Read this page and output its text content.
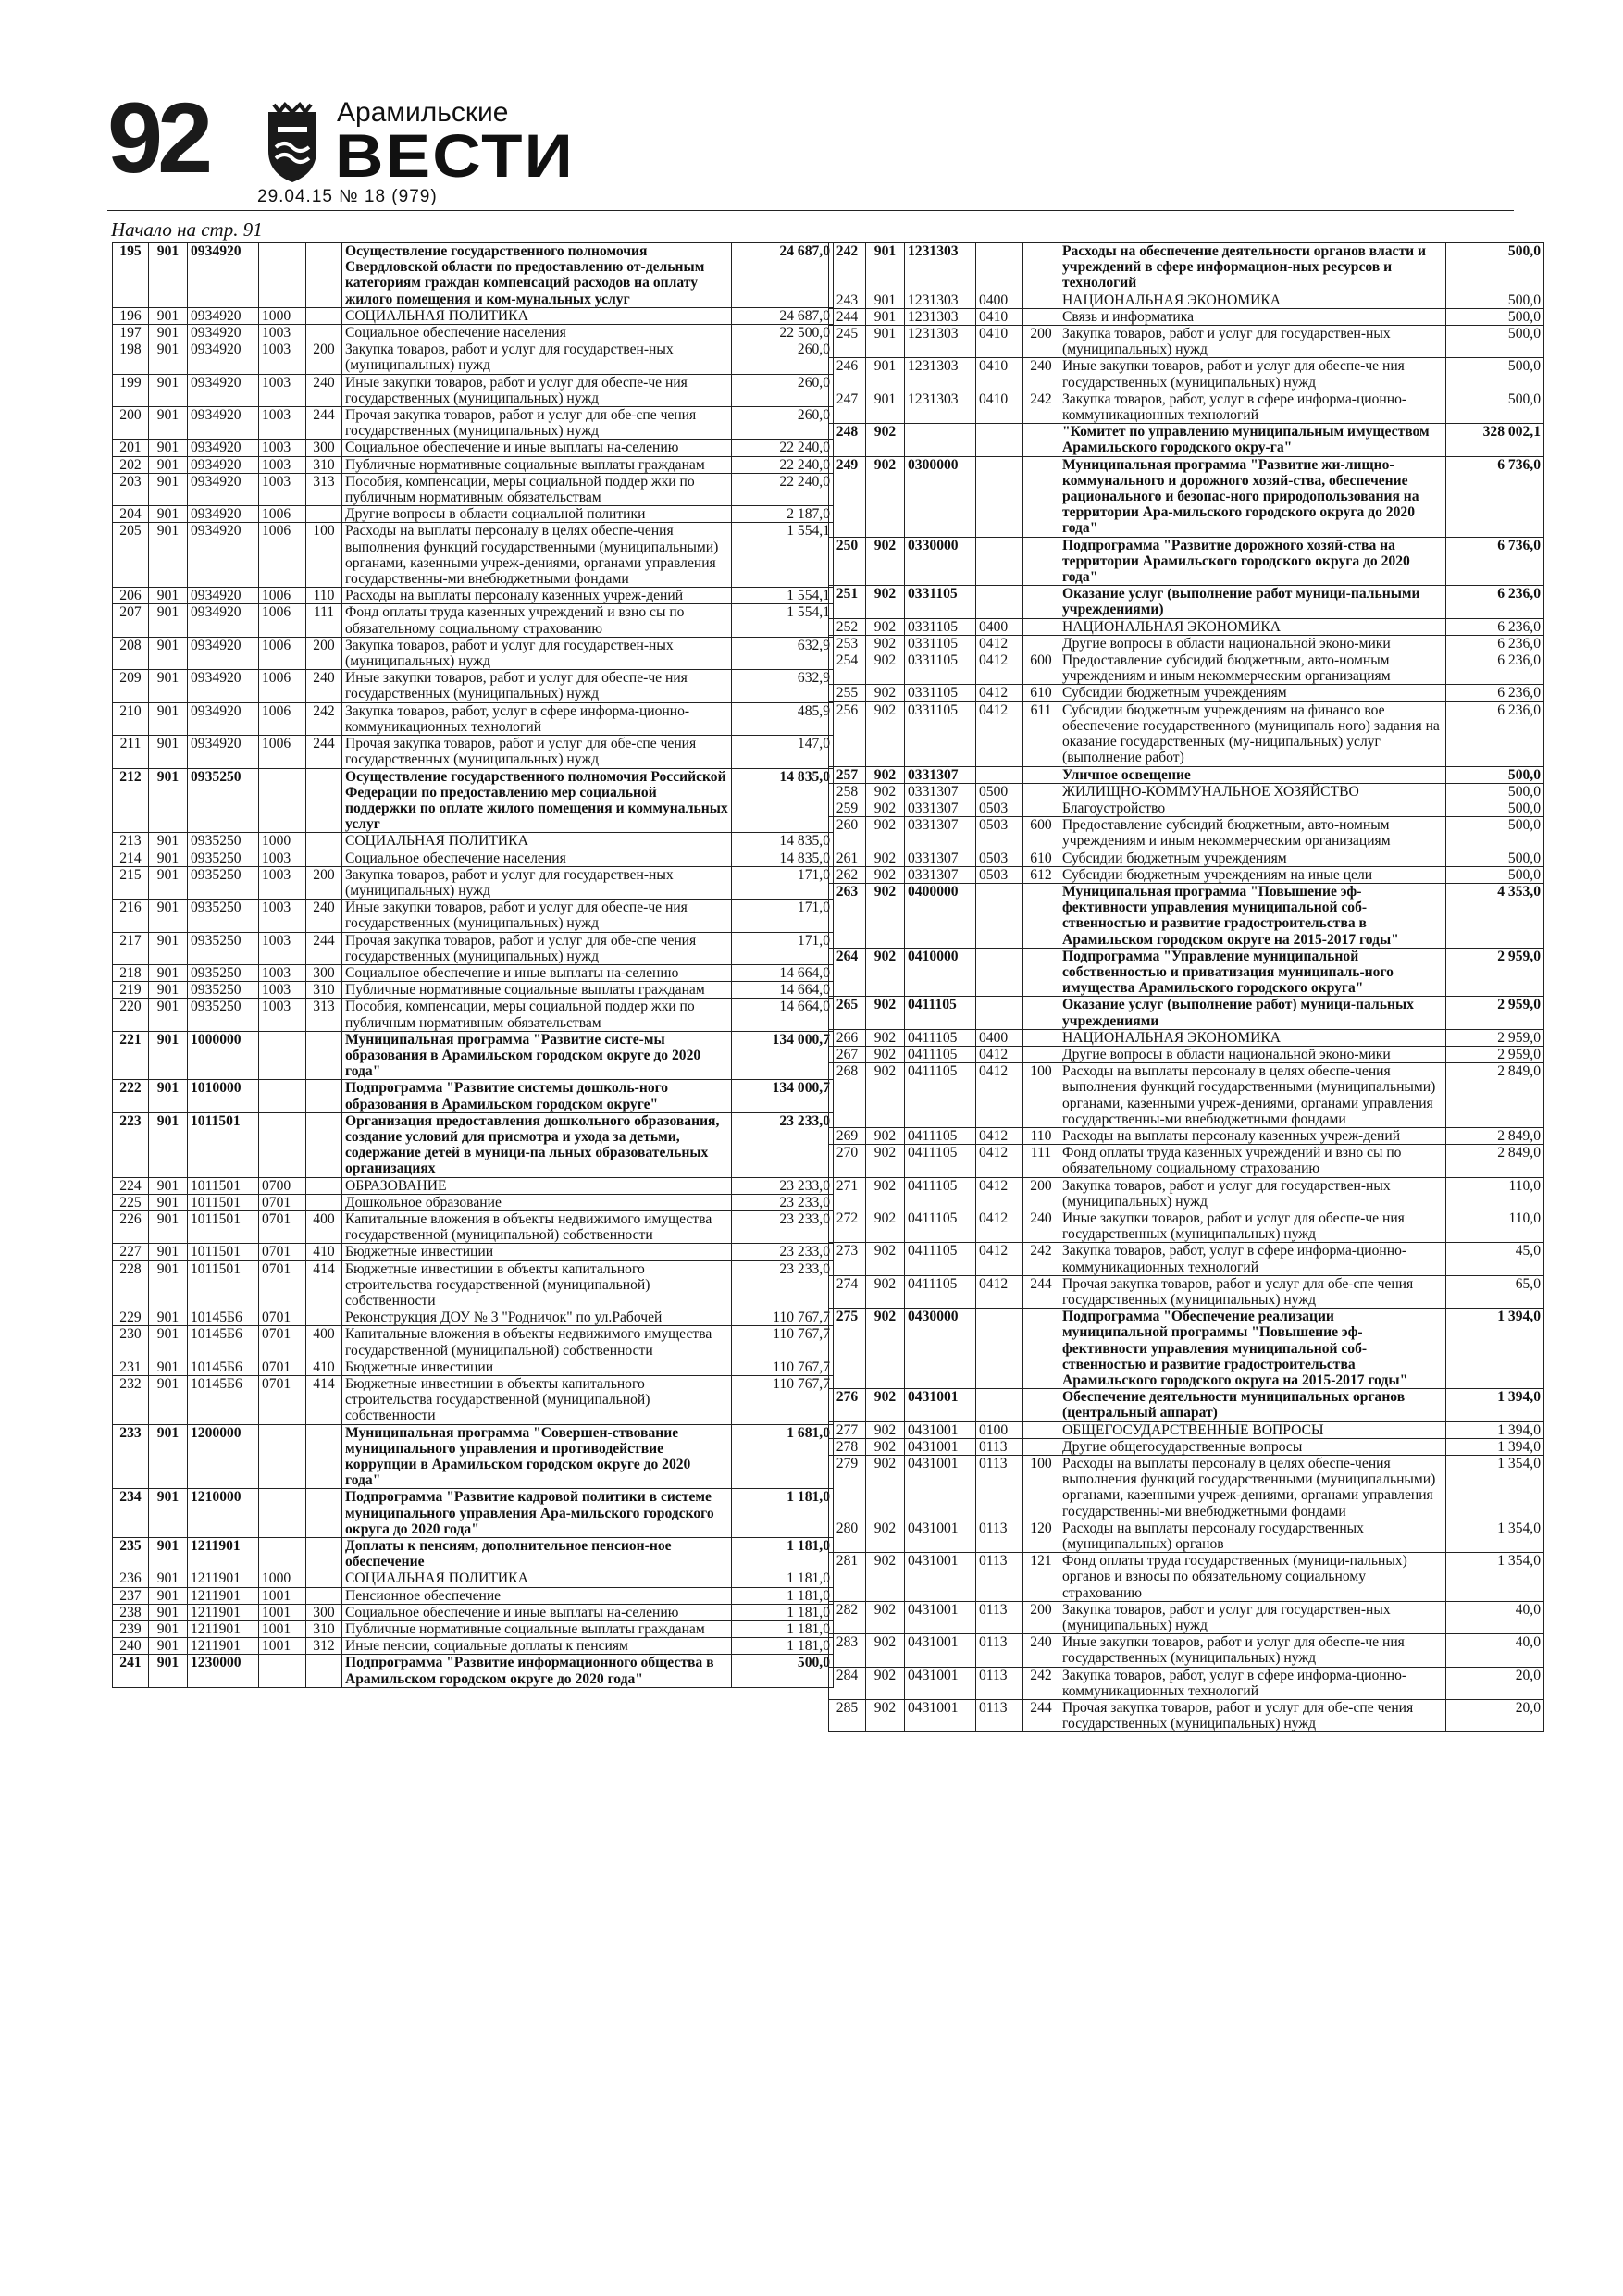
92	Арамильские
ВЕСТИ
29.04.15 № 18 (979)
Начало на стр. 91
195	901	0934920			Осуществление государственного полномочия Свердловской области по предоставлению от-дельным категориям граждан компенсаций расходов на оплату жилого помещения и ком-мунальных услуг	24 687,0
196	901	0934920	1000		СОЦИАЛЬНАЯ ПОЛИТИКА	24 687,0
197	901	0934920	1003		Социальное обеспечение населения	22 500,0
198	901	0934920	1003	200	Закупка товаров, работ и услуг для государствен-ных (муниципальных) нужд	260,0
199	901	0934920	1003	240	Иные закупки товаров, работ и услуг для обеспе-че ния государственных (муниципальных) нужд	260,0
200	901	0934920	1003	244	Прочая закупка товаров, работ и услуг для обе-спе чения государственных (муниципальных) нужд	260,0
201	901	0934920	1003	300	Социальное обеспечение и иные выплаты на-селению	22 240,0
202	901	0934920	1003	310	Публичные нормативные социальные выплаты гражданам	22 240,0
203	901	0934920	1003	313	Пособия, компенсации, меры социальной поддер жки по публичным нормативным обязательствам	22 240,0
204	901	0934920	1006		Другие вопросы в области социальной политики	2 187,0
205	901	0934920	1006	100	Расходы на выплаты персоналу в целях обеспе-чения выполнения функций государственными (муниципальными) органами, казенными учреж-дениями, органами управления государственны-ми внебюджетными фондами	1 554,1
206	901	0934920	1006	110	Расходы на выплаты персоналу казенных учреж-дений	1 554,1
207	901	0934920	1006	111	Фонд оплаты труда казенных учреждений и взно сы по обязательному социальному страхованию	1 554,1
208	901	0934920	1006	200	Закупка товаров, работ и услуг для государствен-ных (муниципальных) нужд	632,9
209	901	0934920	1006	240	Иные закупки товаров, работ и услуг для обеспе-че ния государственных (муниципальных) нужд	632,9
210	901	0934920	1006	242	Закупка товаров, работ, услуг в сфере информа-ционно-коммуникационных технологий	485,9
211	901	0934920	1006	244	Прочая закупка товаров, работ и услуг для обе-спе чения государственных (муниципальных) нужд	147,0
212	901	0935250			Осуществление государственного полномочия Российской Федерации по предоставлению мер социальной поддержки по оплате жилого помещения и коммунальных услуг	14 835,0
213	901	0935250	1000		СОЦИАЛЬНАЯ ПОЛИТИКА	14 835,0
214	901	0935250	1003		Социальное обеспечение населения	14 835,0
215	901	0935250	1003	200	Закупка товаров, работ и услуг для государствен-ных (муниципальных) нужд	171,0
216	901	0935250	1003	240	Иные закупки товаров, работ и услуг для обеспе-че ния государственных (муниципальных) нужд	171,0
217	901	0935250	1003	244	Прочая закупка товаров, работ и услуг для обе-спе чения государственных (муниципальных) нужд	171,0
218	901	0935250	1003	300	Социальное обеспечение и иные выплаты на-селению	14 664,0
219	901	0935250	1003	310	Публичные нормативные социальные выплаты гражданам	14 664,0
220	901	0935250	1003	313	Пособия, компенсации, меры социальной поддер жки по публичным нормативным обязательствам	14 664,0
221	901	1000000			Муниципальная программа "Развитие систе-мы образования в Арамильском городском округе до 2020 года"	134 000,7
222	901	1010000			Подпрограмма "Развитие системы дошколь-ного образования в Арамильском городском округе"	134 000,7
223	901	1011501			Организация предоставления дошкольного образования, создание условий для присмотра и ухода за детьми, содержание детей в муници-па льных образовательных организациях	23 233,0
224	901	1011501	0700		ОБРАЗОВАНИЕ	23 233,0
225	901	1011501	0701		Дошкольное образование	23 233,0
226	901	1011501	0701	400	Капитальные вложения в объекты недвижимого имущества государственной (муниципальной) собственности	23 233,0
227	901	1011501	0701	410	Бюджетные инвестиции	23 233,0
228	901	1011501	0701	414	Бюджетные инвестиции в объекты капитального строительства государственной (муниципальной) собственности	23 233,0
229	901	10145Б6	0701		Реконструкция ДОУ № 3 "Родничок" по ул.Рабочей	110 767,7
230	901	10145Б6	0701	400	Капитальные вложения в объекты недвижимого имущества государственной (муниципальной) собственности	110 767,7
231	901	10145Б6	0701	410	Бюджетные инвестиции	110 767,7
232	901	10145Б6	0701	414	Бюджетные инвестиции в объекты капитального строительства государственной (муниципальной) собственности	110 767,7
233	901	1200000			Муниципальная программа "Совершен-ствование муниципального управления и противодействие коррупции в Арамильском городском округе до 2020 года"	1 681,0
234	901	1210000			Подпрограмма "Развитие кадровой политики в системе муниципального управления Ара-мильского городского округа до 2020 года"	1 181,0
235	901	1211901			Доплаты к пенсиям, дополнительное пенсион-ное обеспечение	1 181,0
236	901	1211901	1000		СОЦИАЛЬНАЯ ПОЛИТИКА	1 181,0
237	901	1211901	1001		Пенсионное обеспечение	1 181,0
238	901	1211901	1001	300	Социальное обеспечение и иные выплаты на-селению	1 181,0
239	901	1211901	1001	310	Публичные нормативные социальные выплаты гражданам	1 181,0
240	901	1211901	1001	312	Иные пенсии, социальные доплаты к пенсиям	1 181,0
241	901	1230000			Подпрограмма "Развитие информационного общества в Арамильском городском округе до 2020 года"	500,0
242	901	1231303			Расходы на обеспечение деятельности органов власти и учреждений в сфере информацион-ных ресурсов и технологий	500,0
243	901	1231303	0400		НАЦИОНАЛЬНАЯ ЭКОНОМИКА	500,0
244	901	1231303	0410		Связь и информатика	500,0
245	901	1231303	0410	200	Закупка товаров, работ и услуг для государствен-ных (муниципальных) нужд	500,0
246	901	1231303	0410	240	Иные закупки товаров, работ и услуг для обеспе-че ния государственных (муниципальных) нужд	500,0
247	901	1231303	0410	242	Закупка товаров, работ, услуг в сфере информа-ционно-коммуникационных технологий	500,0
248	902				"Комитет по управлению муниципальным имуществом Арамильского городского окру-га"	328 002,1
249	902	0300000			Муниципальная программа "Развитие жи-лищно-коммунального и дорожного хозяй-ства, обеспечение рационального и безопас-ного природопользования на территории Ара-мильского городского округа до 2020 года"	6 736,0
250	902	0330000			Подпрограмма "Развитие дорожного хозяй-ства на территории Арамильского городского округа до 2020 года"	6 736,0
251	902	0331105			Оказание услуг (выполнение работ муници-пальными учреждениями)	6 236,0
252	902	0331105	0400		НАЦИОНАЛЬНАЯ ЭКОНОМИКА	6 236,0
253	902	0331105	0412		Другие вопросы в области национальной эконо-мики	6 236,0
254	902	0331105	0412	600	Предоставление субсидий бюджетным, авто-номным учреждениям и иным некоммерческим организациям	6 236,0
255	902	0331105	0412	610	Субсидии бюджетным учреждениям	6 236,0
256	902	0331105	0412	611	Субсидии бюджетным учреждениям на финансо вое обеспечение государственного (муниципаль ного) задания на оказание государственных (му-ниципальных) услуг (выполнение работ)	6 236,0
257	902	0331307			Уличное освещение	500,0
258	902	0331307	0500		ЖИЛИЩНО-КОММУНАЛЬНОЕ ХОЗЯЙСТВО	500,0
259	902	0331307	0503		Благоустройство	500,0
260	902	0331307	0503	600	Предоставление субсидий бюджетным, авто-номным учреждениям и иным некоммерческим организациям	500,0
261	902	0331307	0503	610	Субсидии бюджетным учреждениям	500,0
262	902	0331307	0503	612	Субсидии бюджетным учреждениям на иные цели	500,0
263	902	0400000			Муниципальная программа "Повышение эф-фективности управления муниципальной соб-ственностью и развитие градостроительства в Арамильском городском округе на 2015-2017 годы"	4 353,0
264	902	0410000			Подпрограмма "Управление муниципальной собственностью и приватизация муниципаль-ного имущества Арамильского городского округа"	2 959,0
265	902	0411105			Оказание услуг (выполнение работ) муници-пальных учреждениями	2 959,0
266	902	0411105	0400		НАЦИОНАЛЬНАЯ ЭКОНОМИКА	2 959,0
267	902	0411105	0412		Другие вопросы в области национальной эконо-мики	2 959,0
268	902	0411105	0412	100	Расходы на выплаты персоналу в целях обеспе-чения выполнения функций государственными (муниципальными) органами, казенными учреж-дениями, органами управления государственны-ми внебюджетными фондами	2 849,0
269	902	0411105	0412	110	Расходы на выплаты персоналу казенных учреж-дений	2 849,0
270	902	0411105	0412	111	Фонд оплаты труда казенных учреждений и взно сы по обязательному социальному страхованию	2 849,0
271	902	0411105	0412	200	Закупка товаров, работ и услуг для государствен-ных (муниципальных) нужд	110,0
272	902	0411105	0412	240	Иные закупки товаров, работ и услуг для обеспе-че ния государственных (муниципальных) нужд	110,0
273	902	0411105	0412	242	Закупка товаров, работ, услуг в сфере информа-ционно-коммуникационных технологий	45,0
274	902	0411105	0412	244	Прочая закупка товаров, работ и услуг для обе-спе чения государственных (муниципальных) нужд	65,0
275	902	0430000			Подпрограмма "Обеспечение реализации муниципальной программы "Повышение эф-фективности управления муниципальной соб-ственностью и развитие градостроительства Арамильского городского округа на 2015-2017 годы"	1 394,0
276	902	0431001			Обеспечение деятельности муниципальных органов (центральный аппарат)	1 394,0
277	902	0431001	0100		ОБЩЕГОСУДАРСТВЕННЫЕ ВОПРОСЫ	1 394,0
278	902	0431001	0113		Другие общегосударственные вопросы	1 394,0
279	902	0431001	0113	100	Расходы на выплаты персоналу в целях обеспе-чения выполнения функций государственными (муниципальными) органами, казенными учреж-дениями, органами управления государственны-ми внебюджетными фондами	1 354,0
280	902	0431001	0113	120	Расходы на выплаты персоналу государственных (муниципальных) органов	1 354,0
281	902	0431001	0113	121	Фонд оплаты труда государственных (муници-пальных) органов и взносы по обязательному социальному страхованию	1 354,0
282	902	0431001	0113	200	Закупка товаров, работ и услуг для государствен-ных (муниципальных) нужд	40,0
283	902	0431001	0113	240	Иные закупки товаров, работ и услуг для обеспе-че ния государственных (муниципальных) нужд	40,0
284	902	0431001	0113	242	Закупка товаров, работ, услуг в сфере информа-ционно-коммуникационных технологий	20,0
285	902	0431001	0113	244	Прочая закупка товаров, работ и услуг для обе-спе чения государственных (муниципальных) нужд	20,0
